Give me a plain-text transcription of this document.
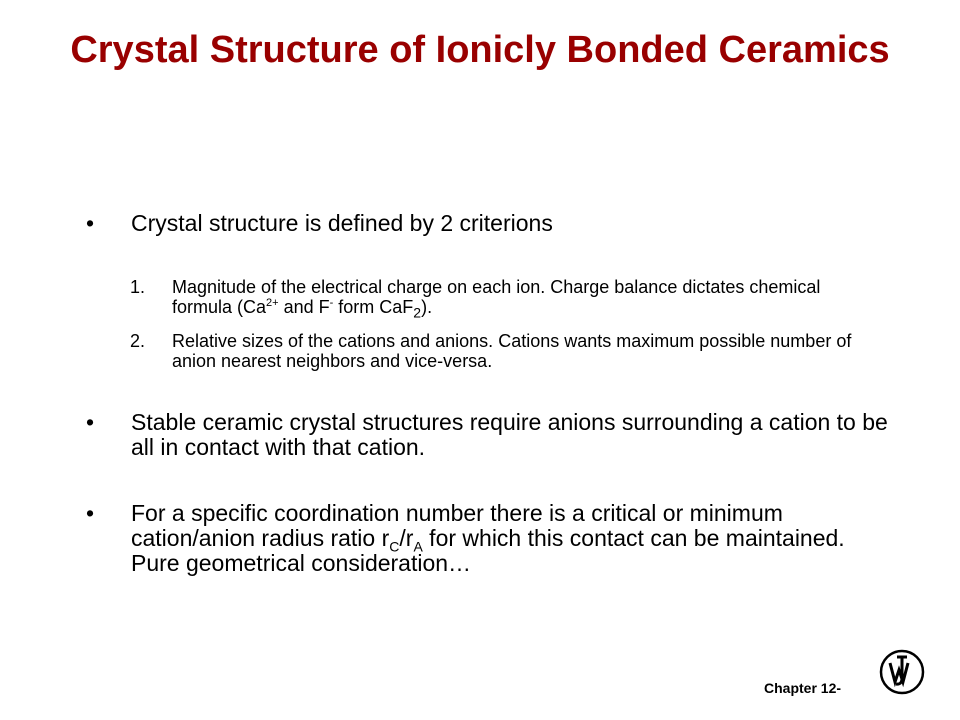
Crystal Structure of Ionicly Bonded Ceramics
•	Crystal structure is defined by 2 criterions
1.	Magnitude of the electrical charge on each ion. Charge balance dictates chemical formula ($Ca^{2+}$ and F- form CaF$_2$).
2.	Relative sizes of the cations and anions. Cations wants maximum possible number of anion nearest neighbors and vice-versa.
•	Stable ceramic crystal structures require anions surrounding a cation to be all in contact with that cation.
•	For a specific coordination number there is a critical or minimum cation/anion radius ratio $r_C/r_A$ for which this contact can be maintained. Pure geometrical consideration…
Chapter 12-
